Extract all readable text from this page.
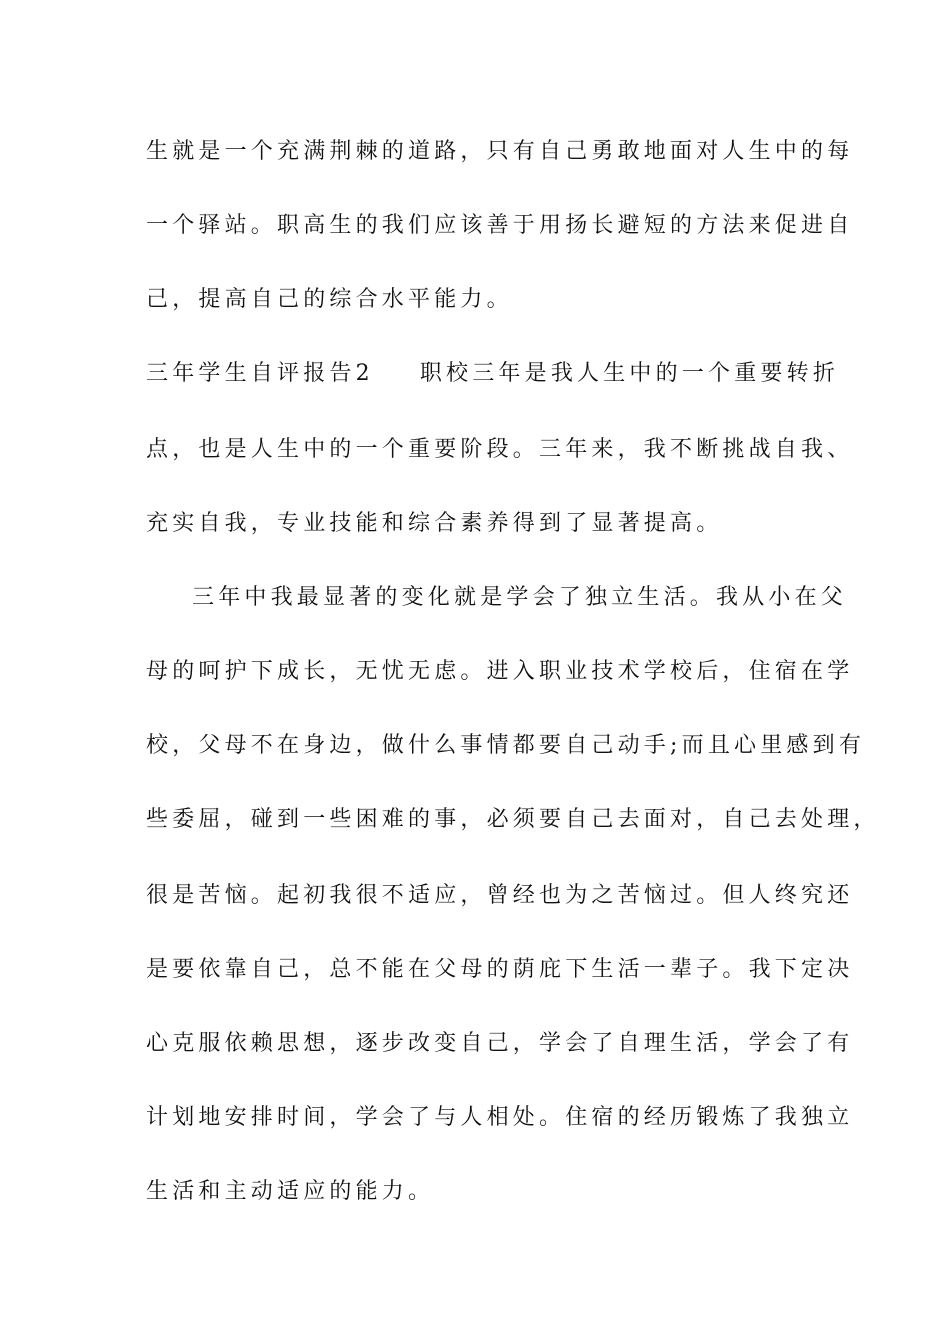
生就是一个充满荆棘的道路，只有自己勇敢地面对人生中的每
一个驿站。职高生的我们应该善于用扬长避短的方法来促进自
己，提高自己的综合水平能力。
三年学生自评报告2 职校三年是我人生中的一个重要转折
点，也是人生中的一个重要阶段。三年来，我不断挑战自我、
充实自我，专业技能和综合素养得到了显著提高。
三年中我最显著的变化就是学会了独立生活。我从小在父
母的呵护下成长，无忧无虑。进入职业技术学校后，住宿在学
校，父母不在身边，做什么事情都要自己动手;而且心里感到有
些委屈，碰到一些困难的事，必须要自己去面对，自己去处理，
很是苦恼。起初我很不适应，曾经也为之苦恼过。但人终究还
是要依靠自己，总不能在父母的荫庇下生活一辈子。我下定决
心克服依赖思想，逐步改变自己，学会了自理生活，学会了有
计划地安排时间，学会了与人相处。住宿的经历锻炼了我独立
生活和主动适应的能力。
